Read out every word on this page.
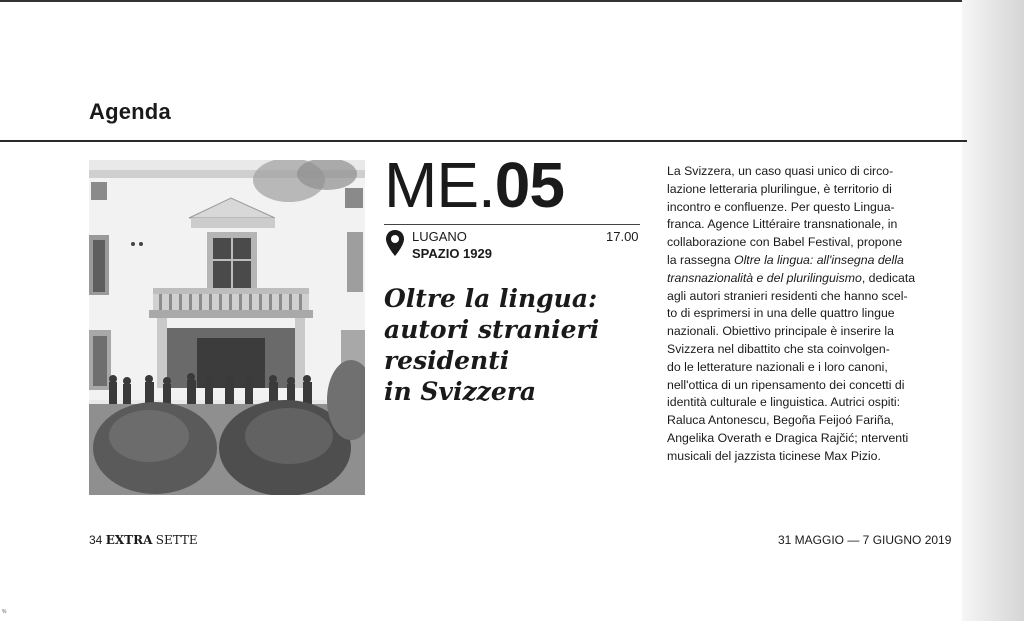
Agenda
ME.05
LUGANO
SPAZIO 1929
17.00
Oltre la lingua:
autori stranieri
residenti
in Svizzera
La Svizzera, un caso quasi unico di circo-
lazione letteraria plurilingue, è territorio di
incontro e confluenze. Per questo Lingua-
franca. Agence Littéraire transnationale, in
collaborazione con Babel Festival, propone
la rassegna Oltre la lingua: all'insegna della
transnazionalità e del plurilinguismo, dedicata
agli autori stranieri residenti che hanno scel-
to di esprimersi in una delle quattro lingue
nazionali. Obiettivo principale è inserire la
Svizzera nel dibattito che sta coinvolgen-
do le letterature nazionali e i loro canoni,
nell'ottica di un ripensamento dei concetti di
identità culturale e linguistica. Autrici ospiti:
Raluca Antonescu, Begoña Feijoó Fariña,
Angelika Overath e Dragica Rajčić; nterventi
musicali del jazzista ticinese Max Pizio.
34 EXTRA SETTE	31 MAGGIO — 7 GIUGNO 2019
%
